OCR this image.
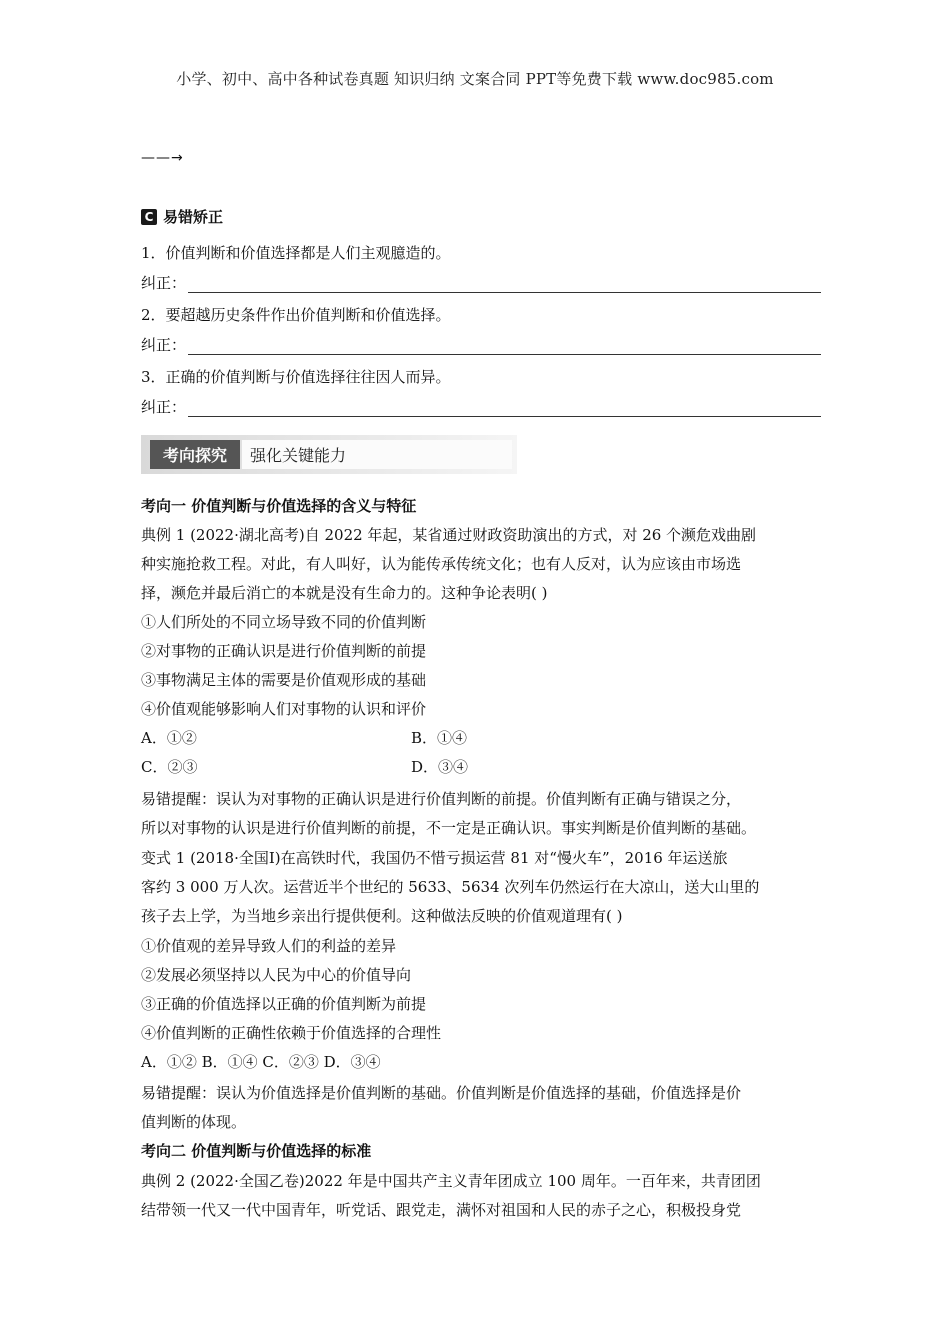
小学、初中、高中各种试卷真题 知识归纳 文案合同 PPT等免费下载 www.doc985.com
——→
C 易错矫正
1．价值判断和价值选择都是人们主观臆造的。
纠正：
2．要超越历史条件作出价值判断和价值选择。
纠正：
3．正确的价值判断与价值选择往往因人而异。
纠正：
考向探究	强化关键能力
考向一 价值判断与价值选择的含义与特征
典例 1 (2022·湖北高考)自 2022 年起，某省通过财政资助演出的方式，对 26 个濒危戏曲剧
种实施抢救工程。对此，有人叫好，认为能传承传统文化；也有人反对，认为应该由市场选
择，濒危并最后消亡的本就是没有生命力的。这种争论表明( )
①人们所处的不同立场导致不同的价值判断
②对事物的正确认识是进行价值判断的前提
③事物满足主体的需要是价值观形成的基础
④价值观能够影响人们对事物的认识和评价
A．①②	B．①④
C．②③	D．③④
易错提醒：误认为对事物的正确认识是进行价值判断的前提。价值判断有正确与错误之分，
所以对事物的认识是进行价值判断的前提，不一定是正确认识。事实判断是价值判断的基础。
变式 1 (2018·全国Ⅰ)在高铁时代，我国仍不惜亏损运营 81 对“慢火车”，2016 年运送旅
客约 3 000 万人次。运营近半个世纪的 5633、5634 次列车仍然运行在大凉山，送大山里的
孩子去上学，为当地乡亲出行提供便利。这种做法反映的价值观道理有( )
①价值观的差异导致人们的利益的差异
②发展必须坚持以人民为中心的价值导向
③正确的价值选择以正确的价值判断为前提
④价值判断的正确性依赖于价值选择的合理性
A．①② B．①④ C．②③ D．③④
易错提醒：误认为价值选择是价值判断的基础。价值判断是价值选择的基础，价值选择是价
值判断的体现。
考向二 价值判断与价值选择的标准
典例 2 (2022·全国乙卷)2022 年是中国共产主义青年团成立 100 周年。一百年来，共青团团
结带领一代又一代中国青年，听党话、跟党走，满怀对祖国和人民的赤子之心，积极投身党
